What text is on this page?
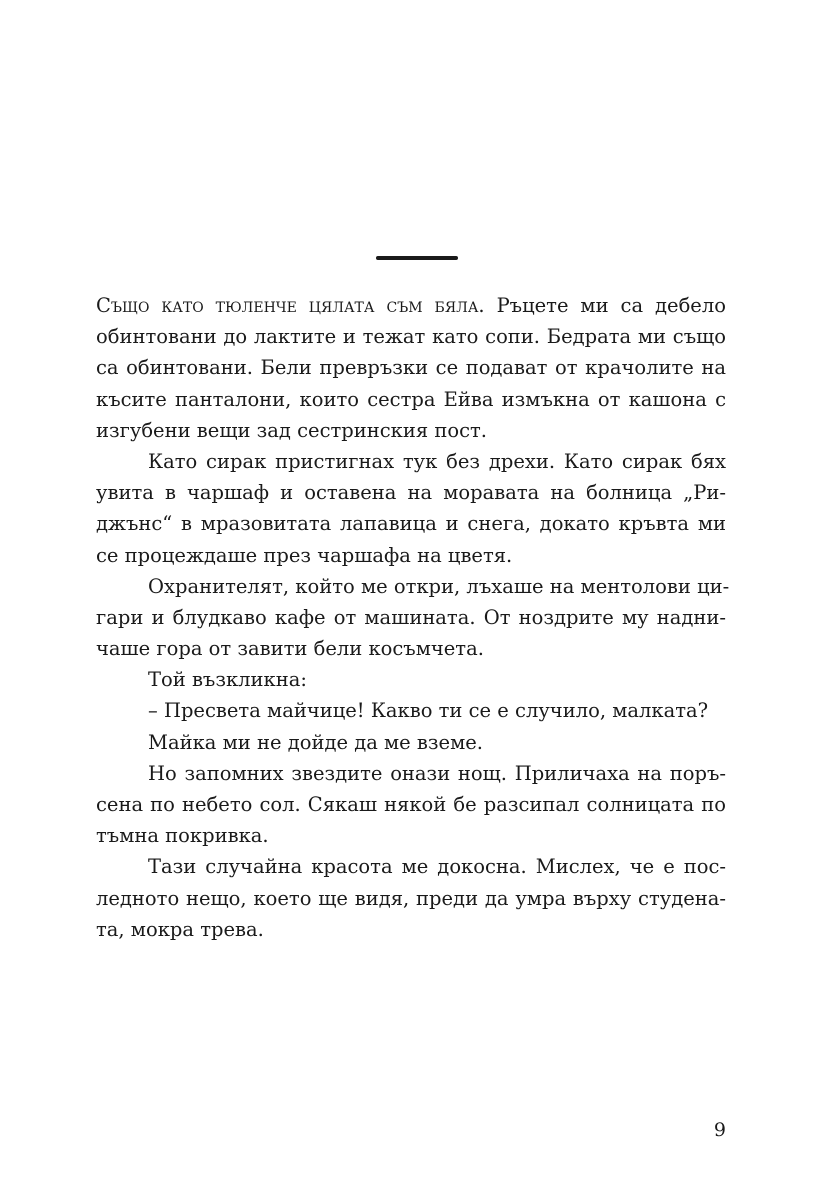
Също като тюленче цялата съм бяла. Ръцете ми са дебело
обинтовани до лактите и тежат като сопи. Бедрата ми също
са обинтовани. Бели превръзки се подават от крачолите на
късите панталони, които сестра Ейва измъкна от кашона с
изгубени вещи зад сестринския пост.
Като сирак пристигнах тук без дрехи. Като сирак бях
увита в чаршаф и оставена на моравата на болница „Ри-
джънс“ в мразовитата лапавица и снега, докато кръвта ми
се процеждаше през чаршафа на цветя.
Охранителят, който ме откри, лъхаше на ментолови ци-
гари и блудкаво кафе от машината. От ноздрите му надни-
чаше гора от завити бели косъмчета.
Той възкликна:
– Пресвета майчице! Какво ти се е случило, малката?
Майка ми не дойде да ме вземе.
Но запомних звездите онази нощ. Приличаха на поръ-
сена по небето сол. Сякаш някой бе разсипал солницата по
тъмна покривка.
Тази случайна красота ме докосна. Мислех, че е пос-
ледното нещо, което ще видя, преди да умра върху студена-
та, мокра трева.
9
